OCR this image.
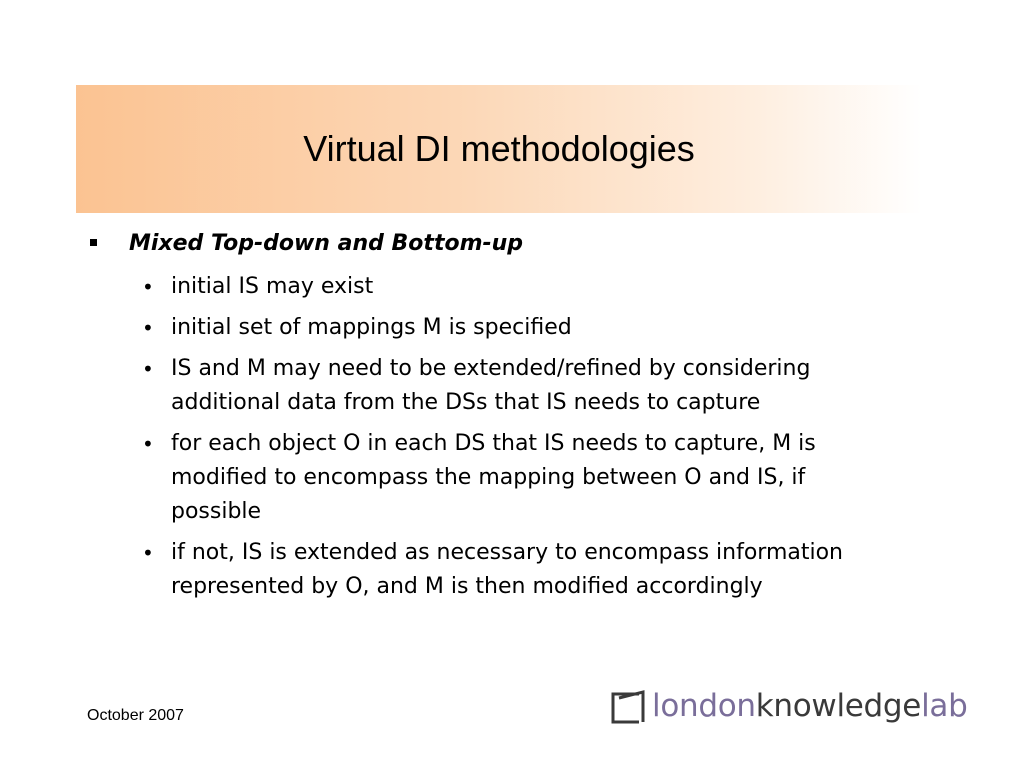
Virtual DI methodologies
Mixed Top-down and Bottom-up
• initial IS may exist
• initial set of mappings M is specified
• IS and M may need to be extended/refined by considering additional data from the DSs that IS needs to capture
• for each object O in each DS that IS needs to capture, M is modified to encompass the mapping between O and IS, if possible
• if not, IS is extended as necessary to encompass information represented by O, and M is then modified accordingly
October 2007	londonknowledgelab
